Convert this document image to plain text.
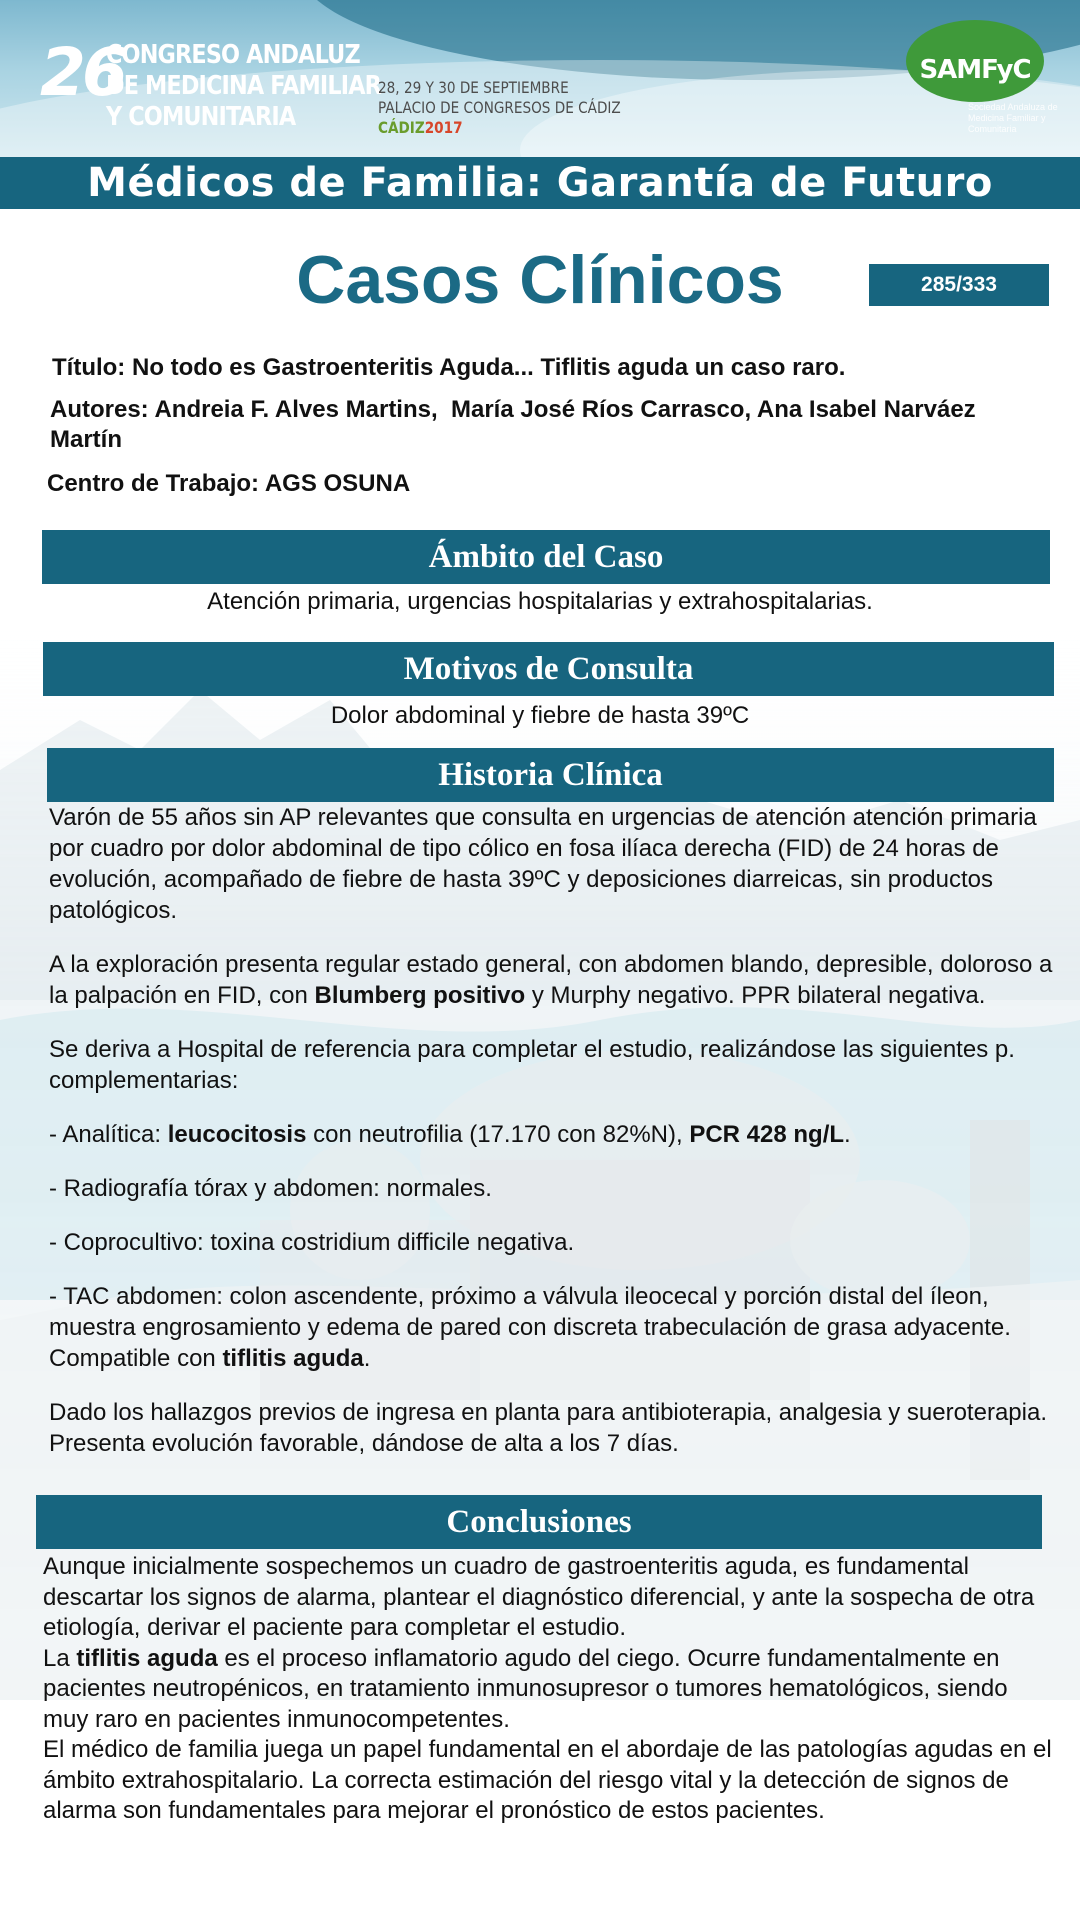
26
CONGRESO ANDALUZ
DE MEDICINA FAMILIAR
Y COMUNITARIA
28, 29 Y 30 DE SEPTIEMBRE
PALACIO DE CONGRESOS DE CÁDIZ
CÁDIZ2017
SAMFyC
Sociedad Andaluza de Medicina Familiar y Comunitaria
Médicos de Familia: Garantía de Futuro
Casos Clínicos	285/333
Título: No todo es Gastroenteritis Aguda... Tiflitis aguda un caso raro.
Autores: Andreia F. Alves Martins,  María José Ríos Carrasco, Ana Isabel Narváez Martín
Centro de Trabajo: AGS OSUNA
Ámbito del Caso
Atención primaria, urgencias hospitalarias y extrahospitalarias.
Motivos de Consulta
Dolor abdominal y fiebre de hasta 39ºC
Historia Clínica

Varón de 55 años sin AP relevantes que consulta en urgencias de atención atención primaria por cuadro por dolor abdominal de tipo cólico en fosa ilíaca derecha (FID) de 24 horas de evolución, acompañado de fiebre de hasta 39ºC y deposiciones diarreicas, sin productos patológicos.

A la exploración presenta regular estado general, con abdomen blando, depresible, doloroso a la palpación en FID, con Blumberg positivo y Murphy negativo. PPR bilateral negativa.

Se deriva a Hospital de referencia para completar el estudio, realizándose las siguientes p. complementarias:

- Analítica: leucocitosis con neutrofilia (17.170 con 82%N), PCR 428 ng/L.

- Radiografía tórax y abdomen: normales.

- Coprocultivo: toxina costridium difficile negativa.

- TAC abdomen: colon ascendente, próximo a válvula ileocecal y porción distal del íleon, muestra engrosamiento y edema de pared con discreta trabeculación de grasa adyacente. Compatible con tiflitis aguda.

Dado los hallazgos previos de ingresa en planta para antibioterapia, analgesia y sueroterapia. Presenta evolución favorable, dándose de alta a los 7 días.

Conclusiones

Aunque inicialmente sospechemos un cuadro de gastroenteritis aguda, es fundamental descartar los signos de alarma, plantear el diagnóstico diferencial, y ante la sospecha de otra etiología, derivar el paciente para completar el estudio.

La tiflitis aguda es el proceso inflamatorio agudo del ciego. Ocurre fundamentalmente en pacientes neutropénicos, en tratamiento inmunosupresor o tumores hematológicos, siendo muy raro en pacientes inmunocompetentes.

El médico de familia juega un papel fundamental en el abordaje de las patologías agudas en el ámbito extrahospitalario. La correcta estimación del riesgo vital y la detección de signos de alarma son fundamentales para mejorar el pronóstico de estos pacientes.
